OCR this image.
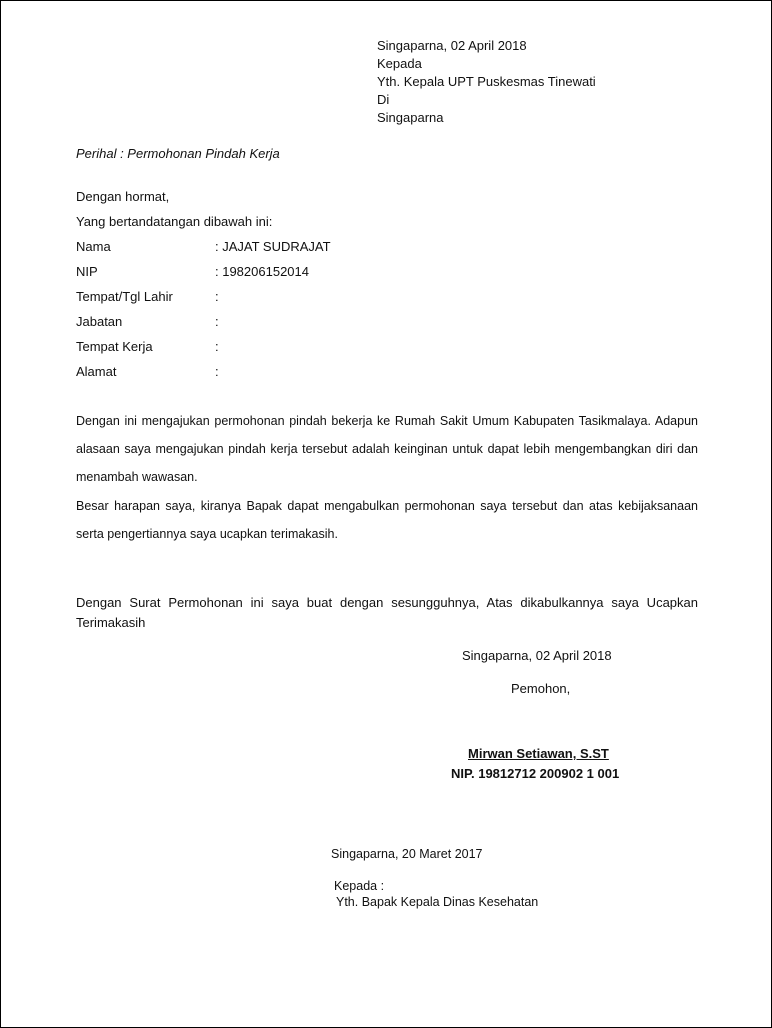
Singaparna, 02 April 2018
Kepada
Yth. Kepala UPT Puskesmas Tinewati
Di
Singaparna
Perihal : Permohonan Pindah Kerja
Dengan hormat,
Yang bertandatangan dibawah ini:
Nama	: JAJAT SUDRAJAT
NIP	: 198206152014
Tempat/Tgl Lahir	:
Jabatan	:
Tempat Kerja	:
Alamat	:
Dengan ini mengajukan permohonan pindah bekerja ke Rumah Sakit Umum Kabupaten Tasikmalaya. Adapun alasaan saya mengajukan pindah kerja tersebut adalah keinginan untuk dapat lebih mengembangkan diri dan menambah wawasan.
Besar harapan saya, kiranya Bapak dapat mengabulkan permohonan saya tersebut dan atas kebijaksanaan serta pengertiannya saya ucapkan terimakasih.
Dengan Surat Permohonan ini saya buat dengan sesungguhnya, Atas dikabulkannya saya Ucapkan Terimakasih
Singaparna, 02 April 2018
Pemohon,
Mirwan Setiawan, S.ST
NIP. 19812712 200902 1 001
Singaparna, 20 Maret 2017
Kepada :
Yth. Bapak Kepala Dinas Kesehatan
